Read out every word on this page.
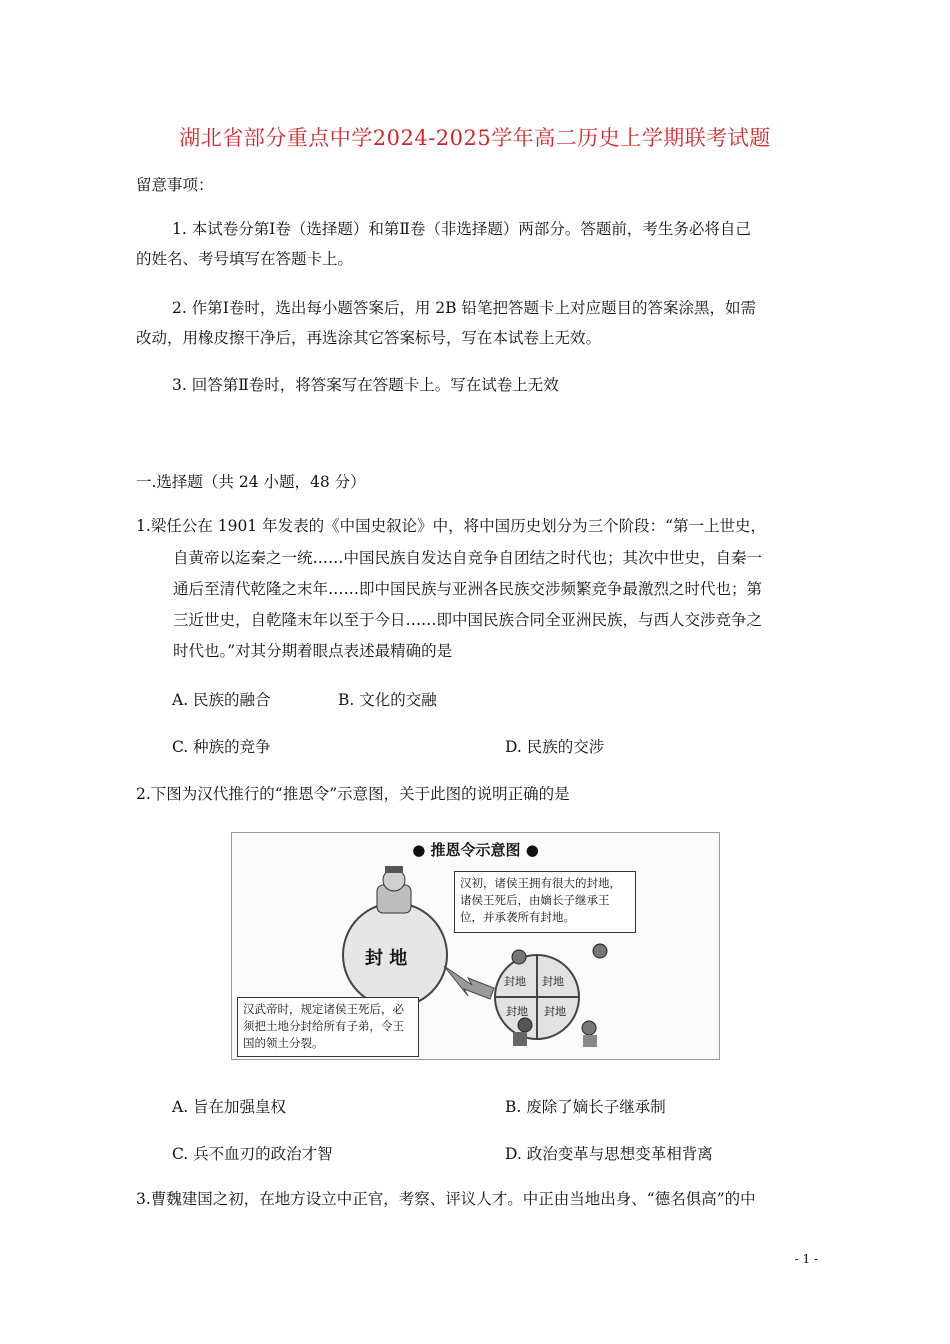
湖北省部分重点中学2024-2025学年高二历史上学期联考试题
留意事项：
1. 本试卷分第Ⅰ卷（选择题）和第Ⅱ卷（非选择题）两部分。答题前，考生务必将自己
的姓名、考号填写在答题卡上。
2. 作第Ⅰ卷时，选出每小题答案后，用 2B 铅笔把答题卡上对应题目的答案涂黑，如需
改动，用橡皮擦干净后，再选涂其它答案标号，写在本试卷上无效。
3. 回答第Ⅱ卷时，将答案写在答题卡上。写在试卷上无效
一.选择题（共 24 小题，48 分）
1.梁任公在 1901 年发表的《中国史叙论》中，将中国历史划分为三个阶段：“第一上世史，
自黄帝以迄秦之一统……中国民族自发达自竞争自团结之时代也；其次中世史，自秦一
通后至清代乾隆之末年……即中国民族与亚洲各民族交涉频繁竞争最激烈之时代也；第
三近世史，自乾隆末年以至于今日……即中国民族合同全亚洲民族，与西人交涉竞争之
时代也。”对其分期着眼点表述最精确的是
A. 民族的融合	B. 文化的交融
C. 种族的竞争	D. 民族的交涉
2.下图为汉代推行的“推恩令”示意图，关于此图的说明正确的是
● 推恩令示意图 ●
封 地
封地 封地
封地 封地
汉初，诸侯王拥有很大的封地，诸侯王死后，由嫡长子继承王位，并承袭所有封地。
汉武帝时，规定诸侯王死后，必须把土地分封给所有子弟，令王国的领土分裂。
A. 旨在加强皇权	B. 废除了嫡长子继承制
C. 兵不血刃的政治才智	D. 政治变革与思想变革相背离
3.曹魏建国之初，在地方设立中正官，考察、评议人才。中正由当地出身、“德名俱高”的中
- 1 -
